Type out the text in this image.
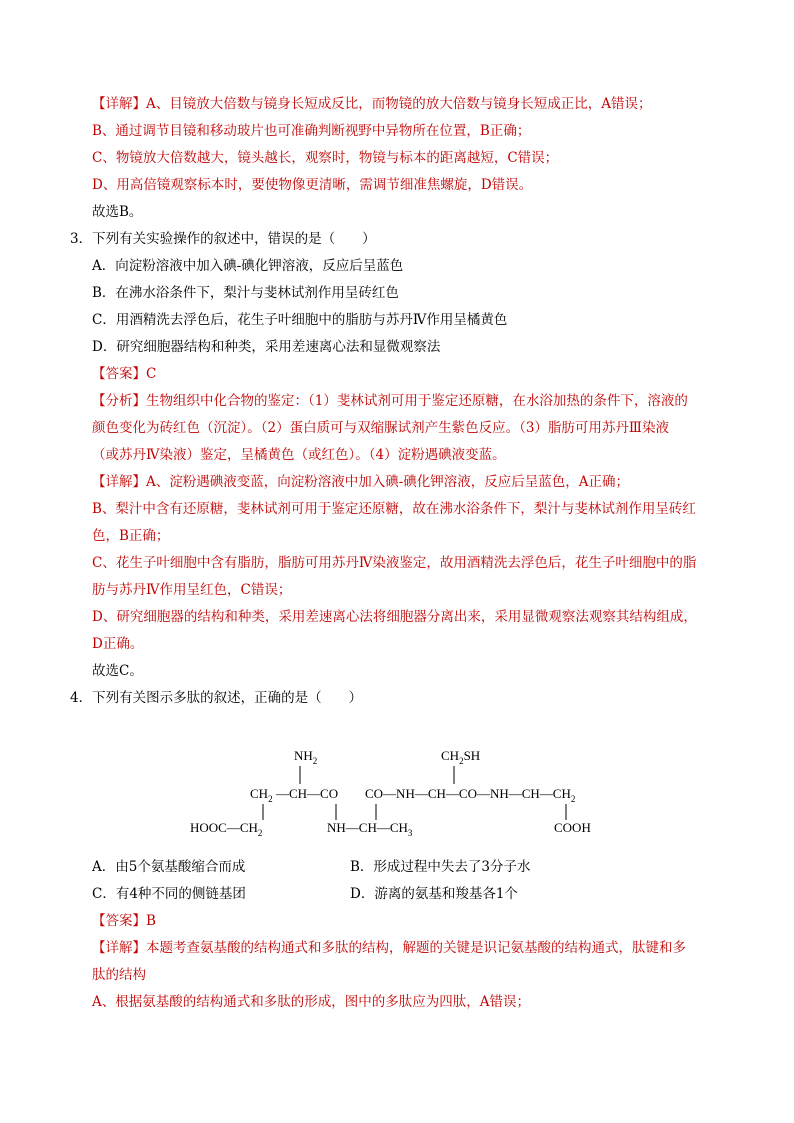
【详解】A、目镜放大倍数与镜身长短成反比，而物镜的放大倍数与镜身长短成正比，A错误；
B、通过调节目镜和移动玻片也可准确判断视野中异物所在位置，B正确；
C、物镜放大倍数越大，镜头越长，观察时，物镜与标本的距离越短，C错误；
D、用高倍镜观察标本时，要使物像更清晰，需调节细准焦螺旋，D错误。
故选B。
3．下列有关实验操作的叙述中，错误的是（　　）
A．向淀粉溶液中加入碘-碘化钾溶液，反应后呈蓝色
B．在沸水浴条件下，梨汁与斐林试剂作用呈砖红色
C．用酒精洗去浮色后，花生子叶细胞中的脂肪与苏丹Ⅳ作用呈橘黄色
D．研究细胞器结构和种类，采用差速离心法和显微观察法
【答案】C
【分析】生物组织中化合物的鉴定：（1）斐林试剂可用于鉴定还原糖，在水浴加热的条件下，溶液的
颜色变化为砖红色（沉淀）。（2）蛋白质可与双缩脲试剂产生紫色反应。（3）脂肪可用苏丹Ⅲ染液
（或苏丹Ⅳ染液）鉴定，呈橘黄色（或红色）。（4）淀粉遇碘液变蓝。
【详解】A、淀粉遇碘液变蓝，向淀粉溶液中加入碘-碘化钾溶液，反应后呈蓝色，A正确；
B、梨汁中含有还原糖，斐林试剂可用于鉴定还原糖，故在沸水浴条件下，梨汁与斐林试剂作用呈砖红
色，B正确；
C、花生子叶细胞中含有脂肪，脂肪可用苏丹Ⅳ染液鉴定，故用酒精洗去浮色后，花生子叶细胞中的脂
肪与苏丹Ⅳ作用呈红色，C错误；
D、研究细胞器的结构和种类，采用差速离心法将细胞器分离出来，采用显微观察法观察其结构组成，
D正确。
故选C。
4．下列有关图示多肽的叙述，正确的是（　　）
$NH_2$	$CH_2SH$
$CH_2$ —CH—CO $CO—NH—CH—CO—NH—CH—CH_2$
$HOOC—CH_2$	$NH—CH—CH_3$	COOH
A．由5个氨基酸缩合而成	B．形成过程中失去了3分子水
C．有4种不同的侧链基团	D．游离的氨基和羧基各1个
【答案】B
【详解】本题考查氨基酸的结构通式和多肽的结构，解题的关键是识记氨基酸的结构通式，肽键和多
肽的结构
A、根据氨基酸的结构通式和多肽的形成，图中的多肽应为四肽，A错误；
